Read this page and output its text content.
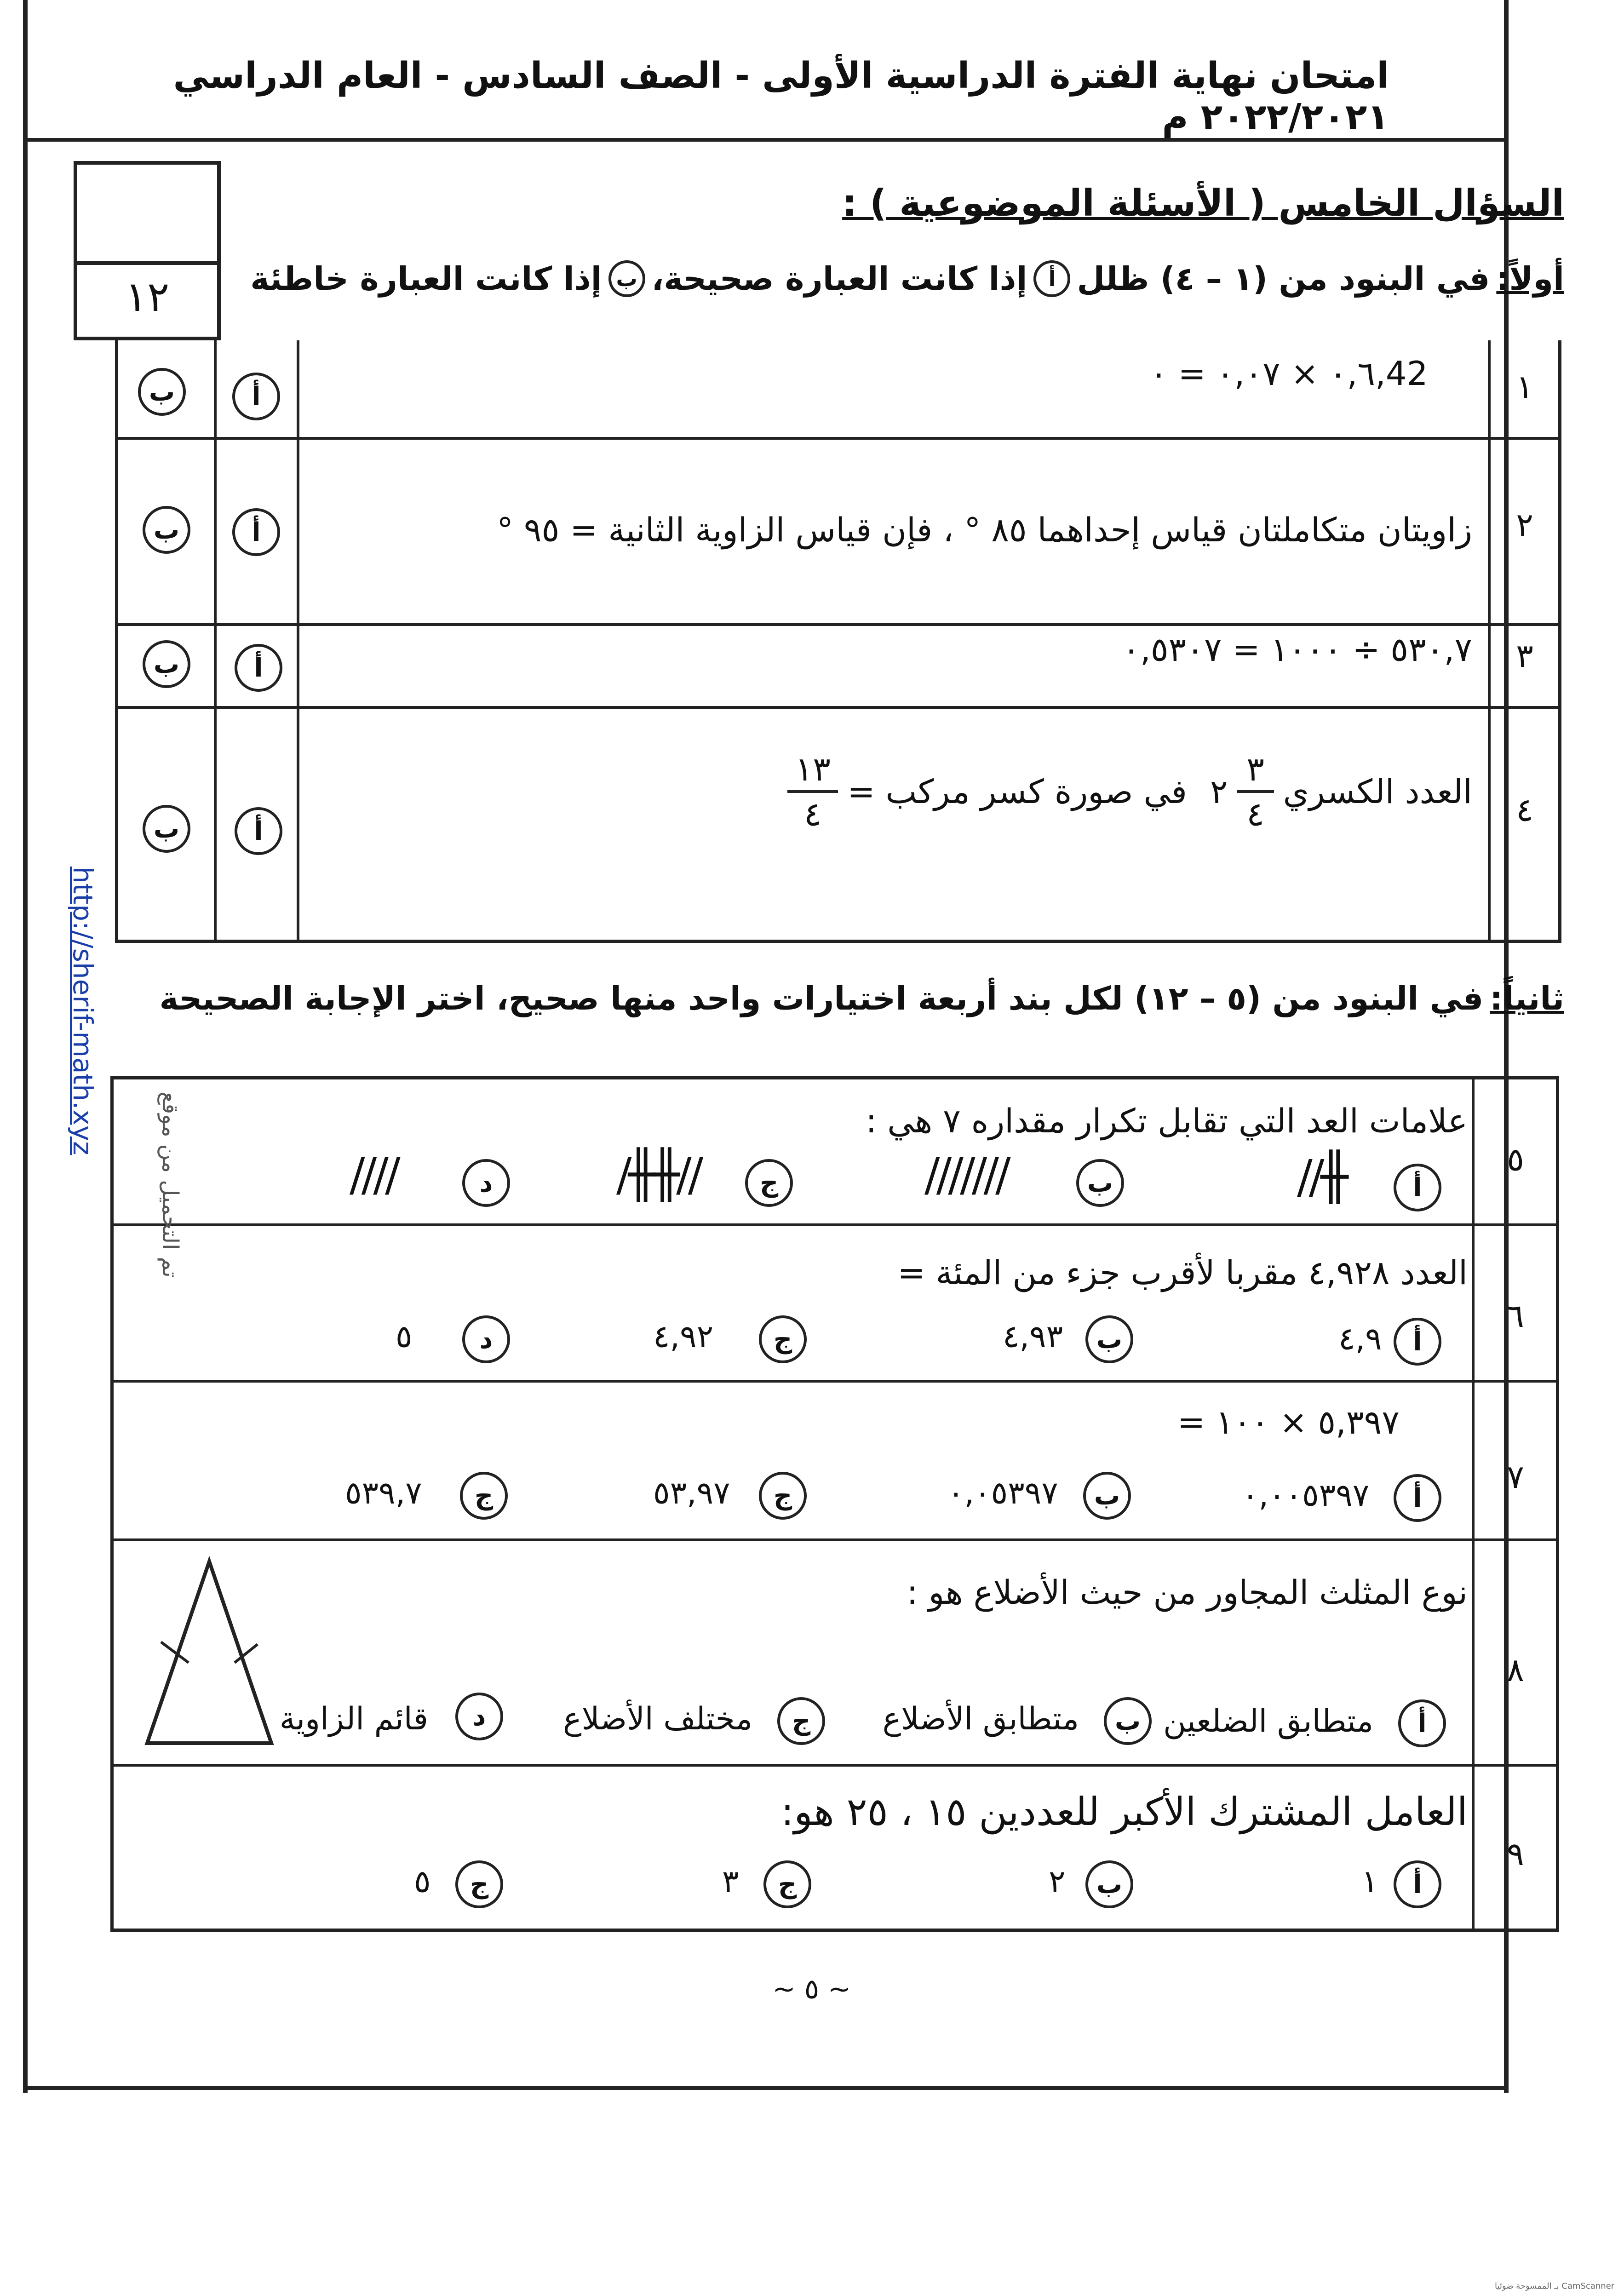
امتحان نهاية الفترة الدراسية الأولى - الصف السادس - العام الدراسي ٢٠٢٢/٢٠٢١ م
١٢
السؤال الخامس ( الأسئلة الموضوعية ) :
أولاً:
في البنود من (١ – ٤) ظلل
أ
إذا كانت العبارة صحيحة،
ب
إذا كانت العبارة خاطئة
١
٠,٦ × ٠,٠٧ = ٠,42
ب	أ
٢
زاويتان متكاملتان قياس إحداهما ٨٥ ° ، فإن قياس الزاوية الثانية = ٩٥ °
ب	أ
٣
٥٣٠,٧ ÷ ١٠٠٠ = ٠,٥٣٠٧
ب	أ
٤
العدد الكسري
٣
٤
٢
في صورة كسر مركب =
١٣
٤
ب	أ
ثانياً:
في البنود من (٥ – ١٢) لكل بند أربعة اختيارات واحد منها صحيح، اختر الإجابة الصحيحة
٥
علامات العد التي تقابل تكرار مقداره ٧ هي :
أ
╫//
ب
///////
ج
//╫╫/
د
////
٦
العدد ٤,٩٢٨ مقربا لأقرب جزء من المئة =
أ
٤,٩
ب
٤,٩٣
ج
٤,٩٢
د
٥
٧
٥,٣٩٧ × ١٠٠ =
أ
٠,٠٠٥٣٩٧
ب
٠,٠٥٣٩٧
ج
٥٣,٩٧
ج
٥٣٩,٧
٨
نوع المثلث المجاور من حيث الأضلاع هو :
أ
متطابق الضلعين
ب
متطابق الأضلاع
ج
مختلف الأضلاع
د
قائم الزاوية
٩
العامل المشترك الأكبر للعددين ١٥ ، ٢٥ هو:
أ
١
ب
٢
ج
٣
ج
٥
~ ٥ ~
http://sherif-math.xyz
تم التحميل من موقع
CamScanner بـ الممسوحة ضوئيا
